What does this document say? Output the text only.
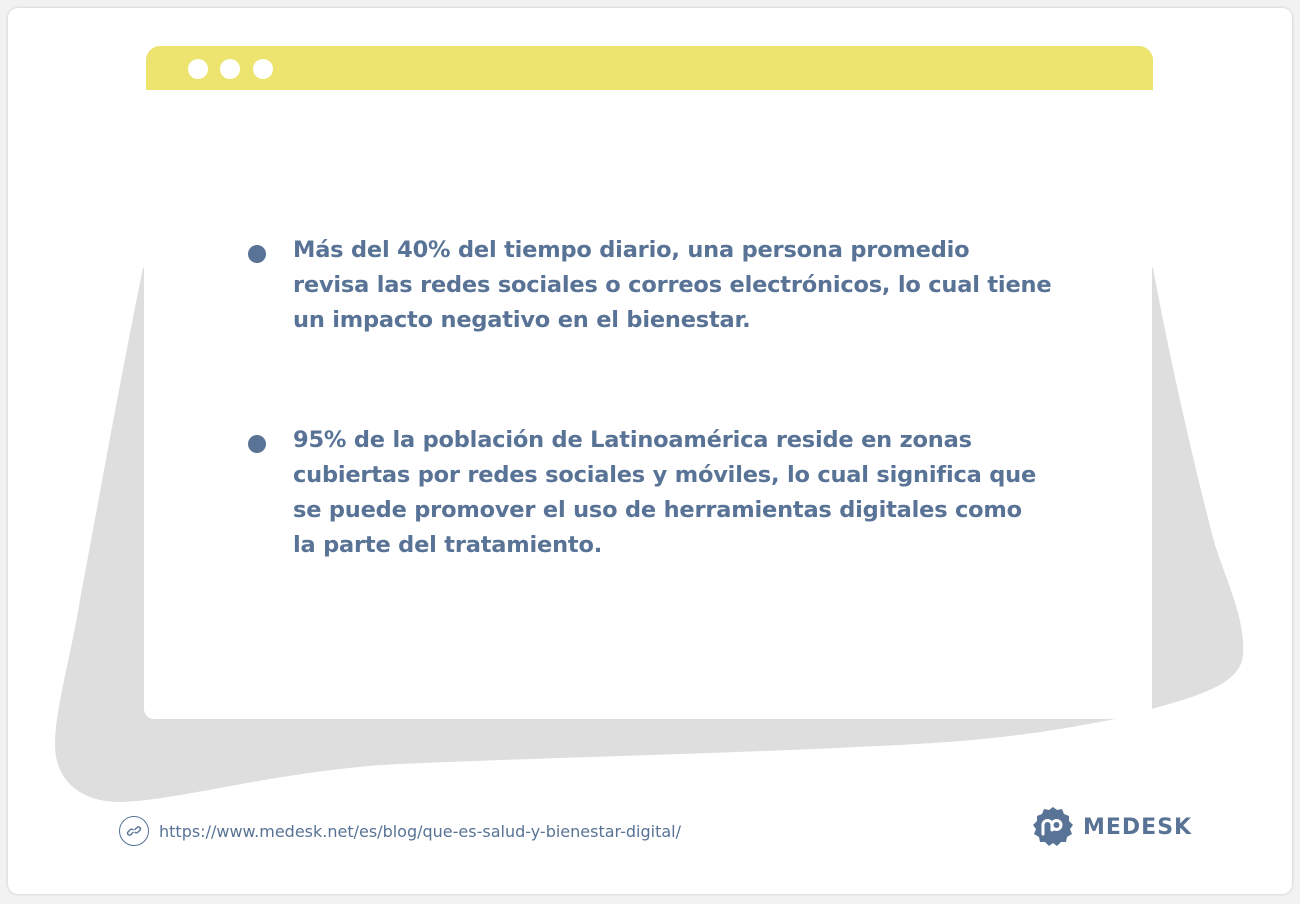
Más del 40% del tiempo diario, una persona promedio revisa las redes sociales o correos electrónicos, lo cual tiene un impacto negativo en el bienestar.
95% de la población de Latinoamérica reside en zonas cubiertas por redes sociales y móviles, lo cual significa que se puede promover el uso de herramientas digitales como la parte del tratamiento.
https://www.medesk.net/es/blog/que-es-salud-y-bienestar-digital/	MEDESK
